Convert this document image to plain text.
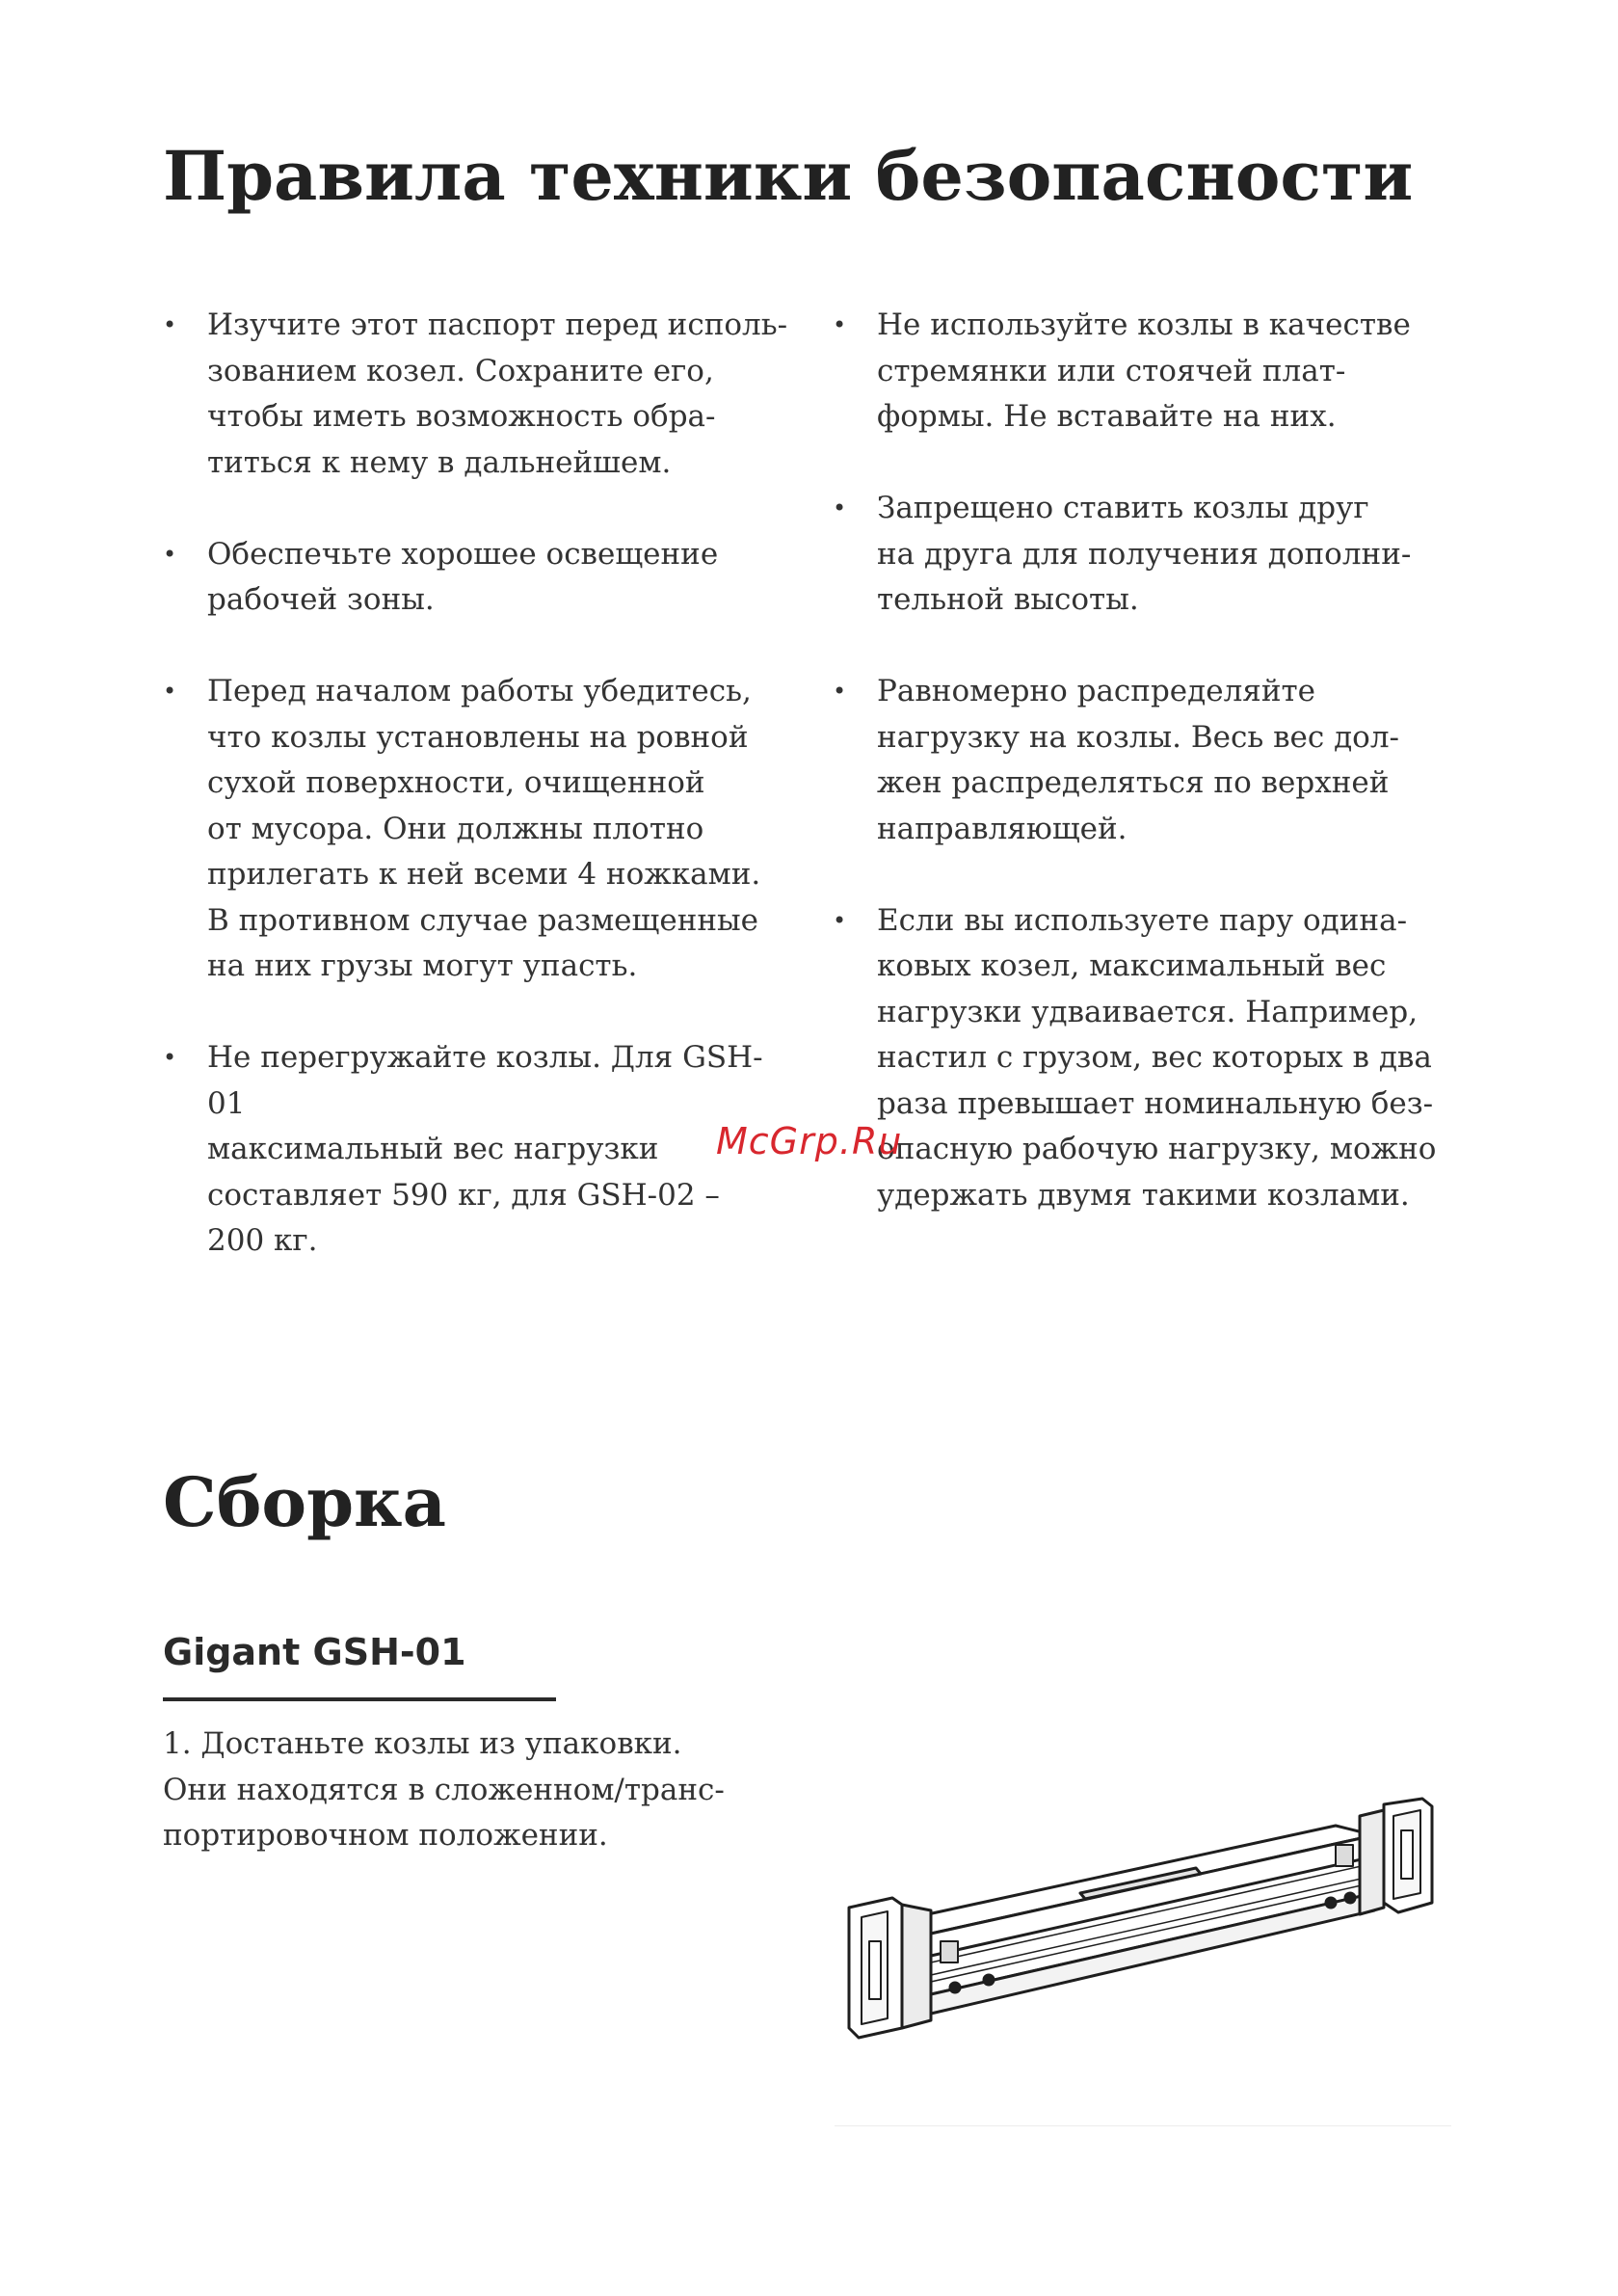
Правила техники безопасности
• Изучите этот паспорт перед исполь-
зованием козел. Сохраните его,
чтобы иметь возможность обра-
титься к нему в дальнейшем.
• Обеспечьте хорошее освещение
рабочей зоны.
• Перед началом работы убедитесь,
что козлы установлены на ровной
сухой поверхности, очищенной
от мусора. Они должны плотно
прилегать к ней всеми 4 ножками.
В противном случае размещенные
на них грузы могут упасть.
• Не перегружайте козлы. Для GSH-01
максимальный вес нагрузки
составляет 590 кг, для GSH-02 –
200 кг.
• Не используйте козлы в качестве
стремянки или стоячей плат-
формы. Не вставайте на них.
• Запрещено ставить козлы друг
на друга для получения дополни-
тельной высоты.
• Равномерно распределяйте
нагрузку на козлы. Весь вес дол-
жен распределяться по верхней
направляющей.
• Если вы используете пару одина-
ковых козел, максимальный вес
нагрузки удваивается. Например,
настил с грузом, вес которых в два
раза превышает номинальную без-
опасную рабочую нагрузку, можно
удержать двумя такими козлами.
McGrp.Ru
Сборка
Gigant GSH-01

1. Достаньте козлы из упаковки.
Они находятся в сложенном/транс-
портировочном положении.
